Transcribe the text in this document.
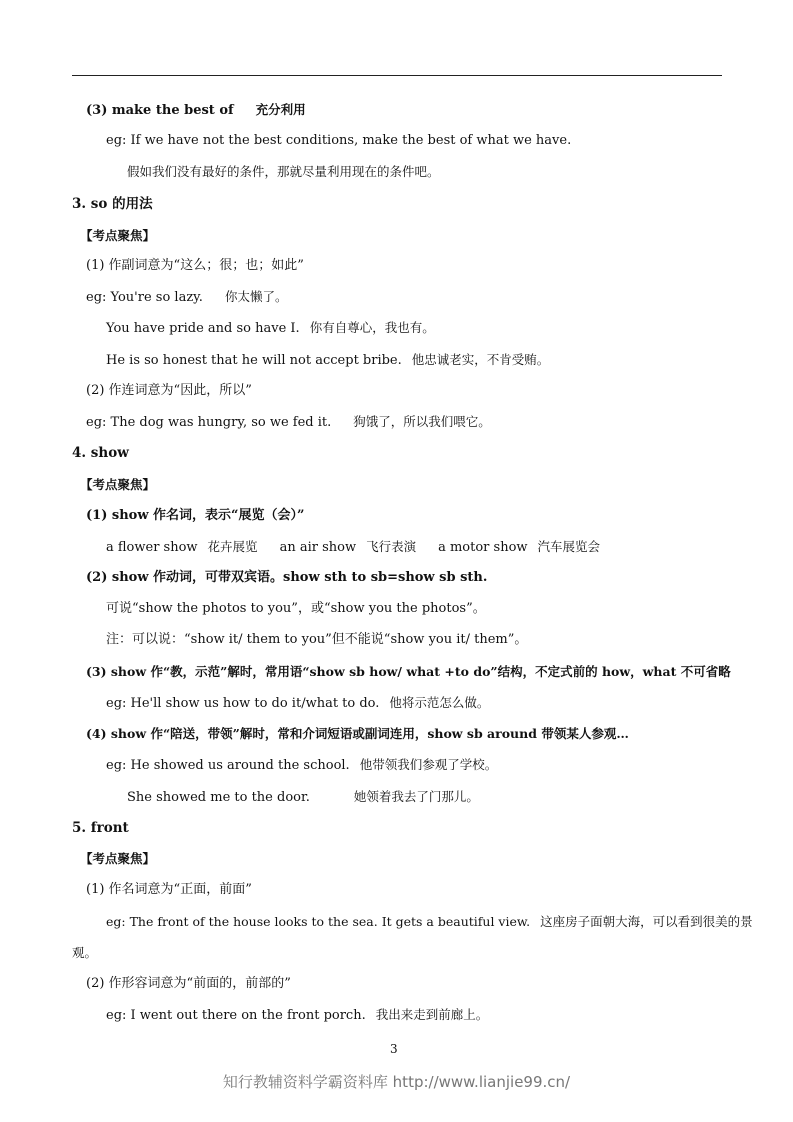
(3) make the best of 充分利用
eg: If we have not the best conditions, make the best of what we have.
假如我们没有最好的条件，那就尽量利用现在的条件吧。
3. so 的用法
【考点聚焦】
(1) 作副词意为“这么；很；也；如此”
eg: You're so lazy. 你太懒了。
You have pride and so have I. 你有自尊心，我也有。
He is so honest that he will not accept bribe. 他忠诚老实，不肯受贿。
(2) 作连词意为“因此，所以”
eg: The dog was hungry, so we fed it. 狗饿了，所以我们喂它。
4. show
【考点聚焦】
(1) show 作名词，表示“展览（会）”
a flower show 花卉展览 an air show 飞行表演 a motor show 汽车展览会
(2) show 作动词，可带双宾语。show sth to sb=show sb sth.
可说“show the photos to you”，或“show you the photos”。
注：可以说：“show it/ them to you”但不能说“show you it/ them”。
(3) show 作“教，示范”解时，常用语“show sb how/ what +to do”结构，不定式前的 how，what 不可省略
eg: He'll show us how to do it/what to do. 他将示范怎么做。
(4) show 作“陪送，带领”解时，常和介词短语或副词连用，show sb around 带领某人参观…
eg: He showed us around the school. 他带领我们参观了学校。
She showed me to the door.	她领着我去了门那儿。
5. front
【考点聚焦】
(1) 作名词意为“正面，前面”
eg: The front of the house looks to the sea. It gets a beautiful view. 这座房子面朝大海，可以看到很美的景
观。
(2) 作形容词意为“前面的，前部的”
eg: I went out there on the front porch. 我出来走到前廊上。
3
知行教辅资料学霸资料库 http://www.lianjie99.cn/
